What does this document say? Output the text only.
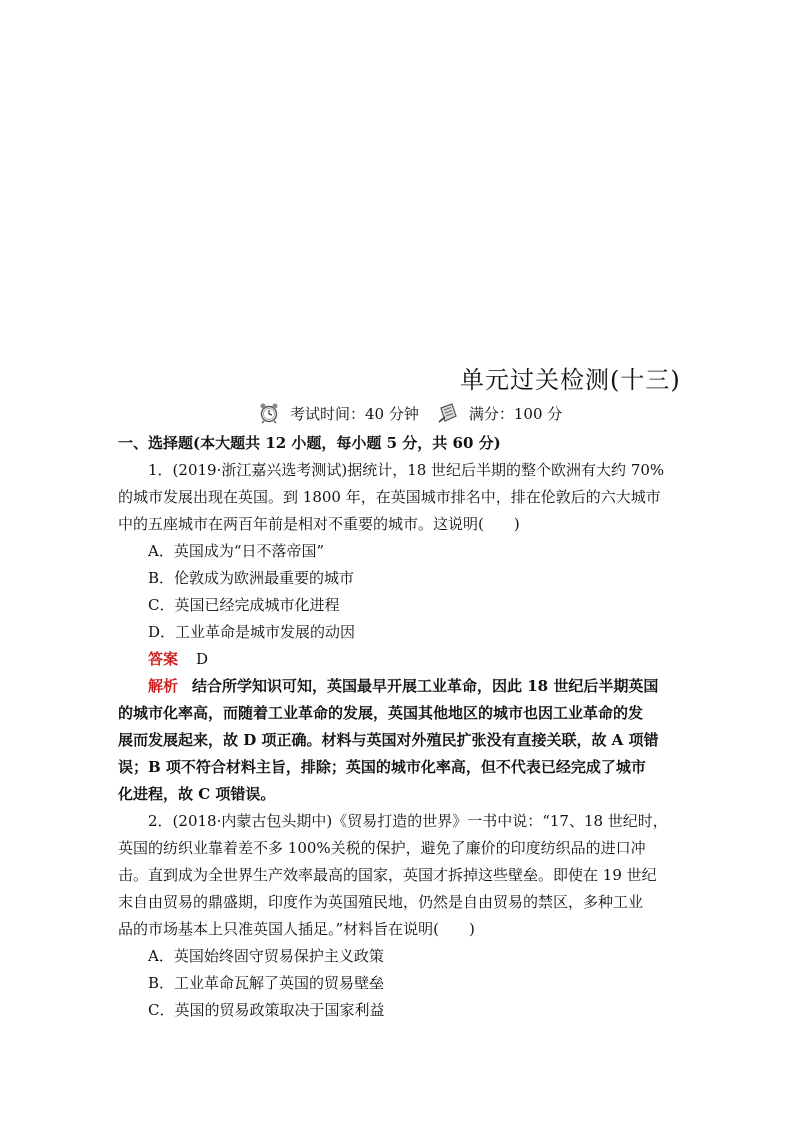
单元过关检测(十三)
考试时间：40 分钟	满分：100 分
一、选择题(本大题共 12 小题，每小题 5 分，共 60 分)
1．(2019·浙江嘉兴选考测试)据统计，18 世纪后半期的整个欧洲有大约 70%
的城市发展出现在英国。到 1800 年，在英国城市排名中，排在伦敦后的六大城市
中的五座城市在两百年前是相对不重要的城市。这说明(　　)
A．英国成为“日不落帝国”
B．伦敦成为欧洲最重要的城市
C．英国已经完成城市化进程
D．工业革命是城市发展的动因
答案 D
解析 结合所学知识可知，英国最早开展工业革命，因此 18 世纪后半期英国
的城市化率高，而随着工业革命的发展，英国其他地区的城市也因工业革命的发
展而发展起来，故 D 项正确。材料与英国对外殖民扩张没有直接关联，故 A 项错
误；B 项不符合材料主旨，排除；英国的城市化率高，但不代表已经完成了城市
化进程，故 C 项错误。
2．(2018·内蒙古包头期中)《贸易打造的世界》一书中说：“17、18 世纪时，
英国的纺织业靠着差不多 100%关税的保护，避免了廉价的印度纺织品的进口冲
击。直到成为全世界生产效率最高的国家，英国才拆掉这些壁垒。即使在 19 世纪
末自由贸易的鼎盛期，印度作为英国殖民地，仍然是自由贸易的禁区，多种工业
品的市场基本上只准英国人插足。”材料旨在说明(　　)
A．英国始终固守贸易保护主义政策
B．工业革命瓦解了英国的贸易壁垒
C．英国的贸易政策取决于国家利益
